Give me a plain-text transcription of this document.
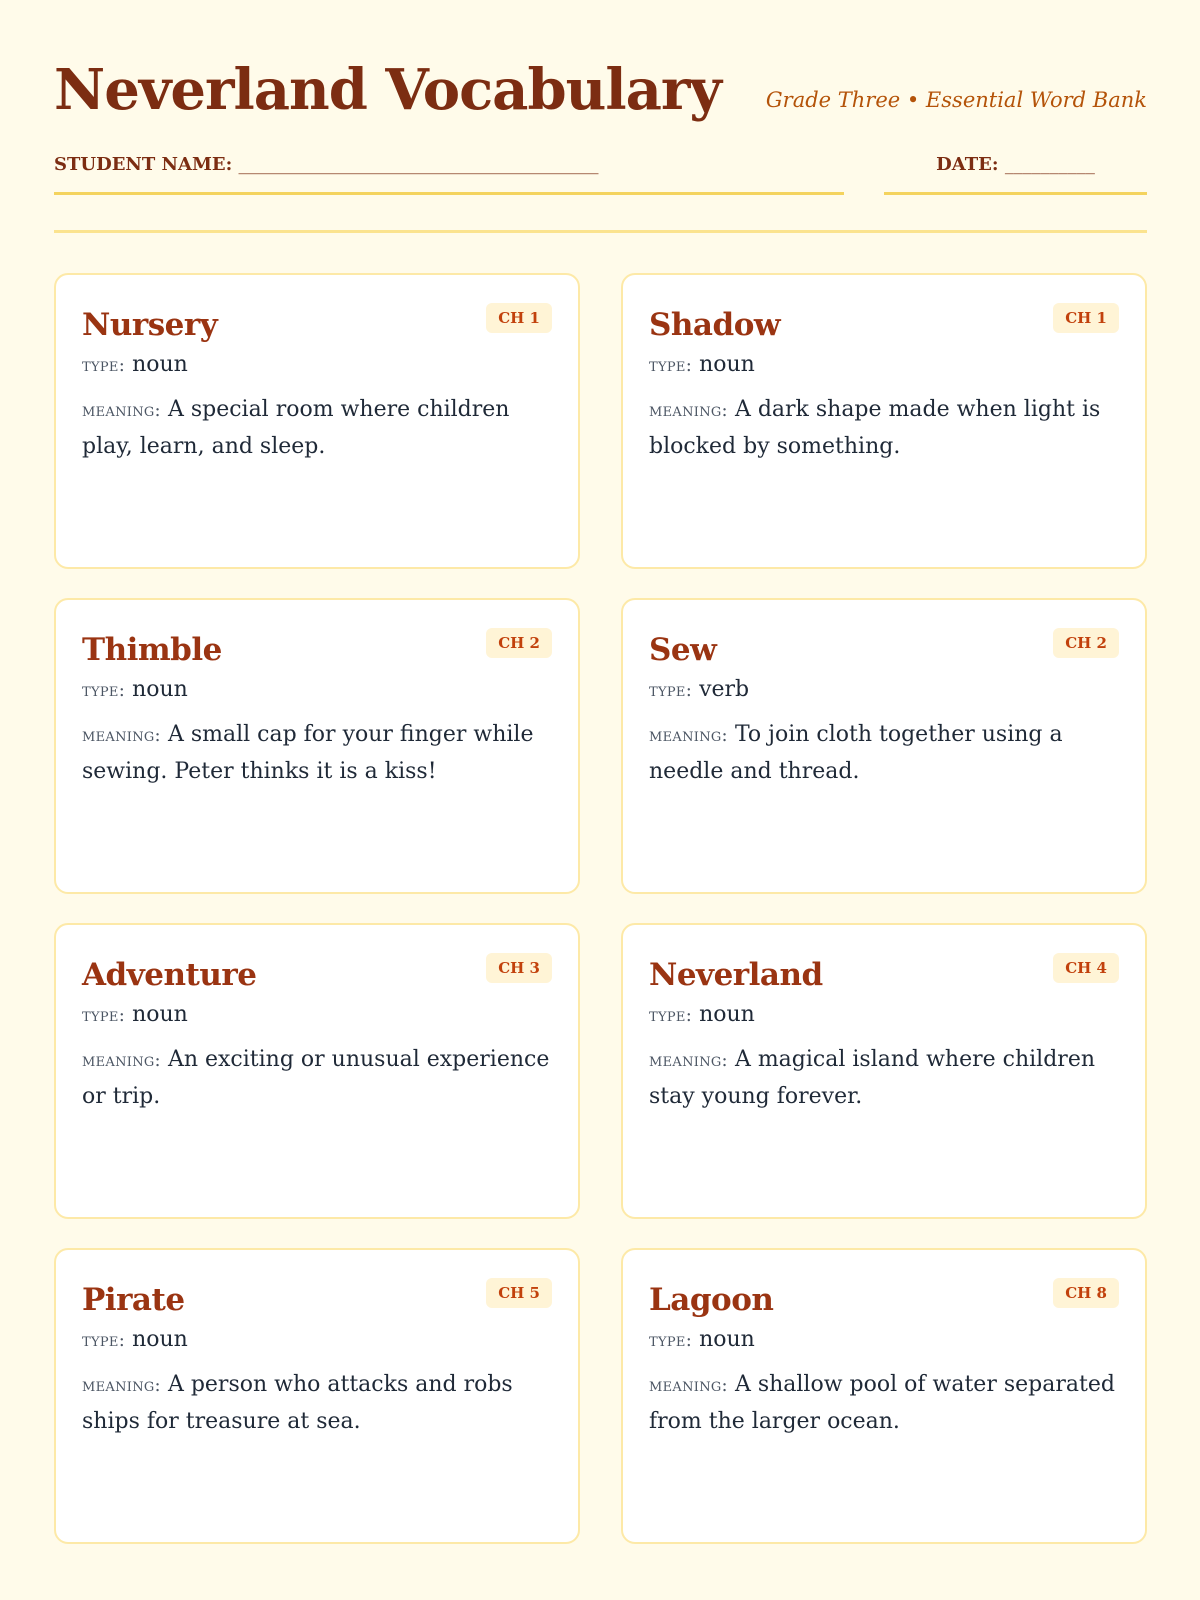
Neverland Vocabulary Grade Three • Essential Word Bank
STUDENT NAME: ________________________________________	DATE: __________
Nursery	CH 1
type: noun
meaning: A special room where children play, learn, and sleep.
Shadow	CH 1
type: noun
meaning: A dark shape made when light is blocked by something.
Thimble	CH 2
type: noun
meaning: A small cap for your finger while sewing. Peter thinks it is a kiss!
Sew	CH 2
type: verb
meaning: To join cloth together using a needle and thread.
Adventure	CH 3
type: noun
meaning: An exciting or unusual experience or trip.
Neverland	CH 4
type: noun
meaning: A magical island where children stay young forever.
Pirate	CH 5
type: noun
meaning: A person who attacks and robs ships for treasure at sea.
Lagoon	CH 8
type: noun
meaning: A shallow pool of water separated from the larger ocean.
